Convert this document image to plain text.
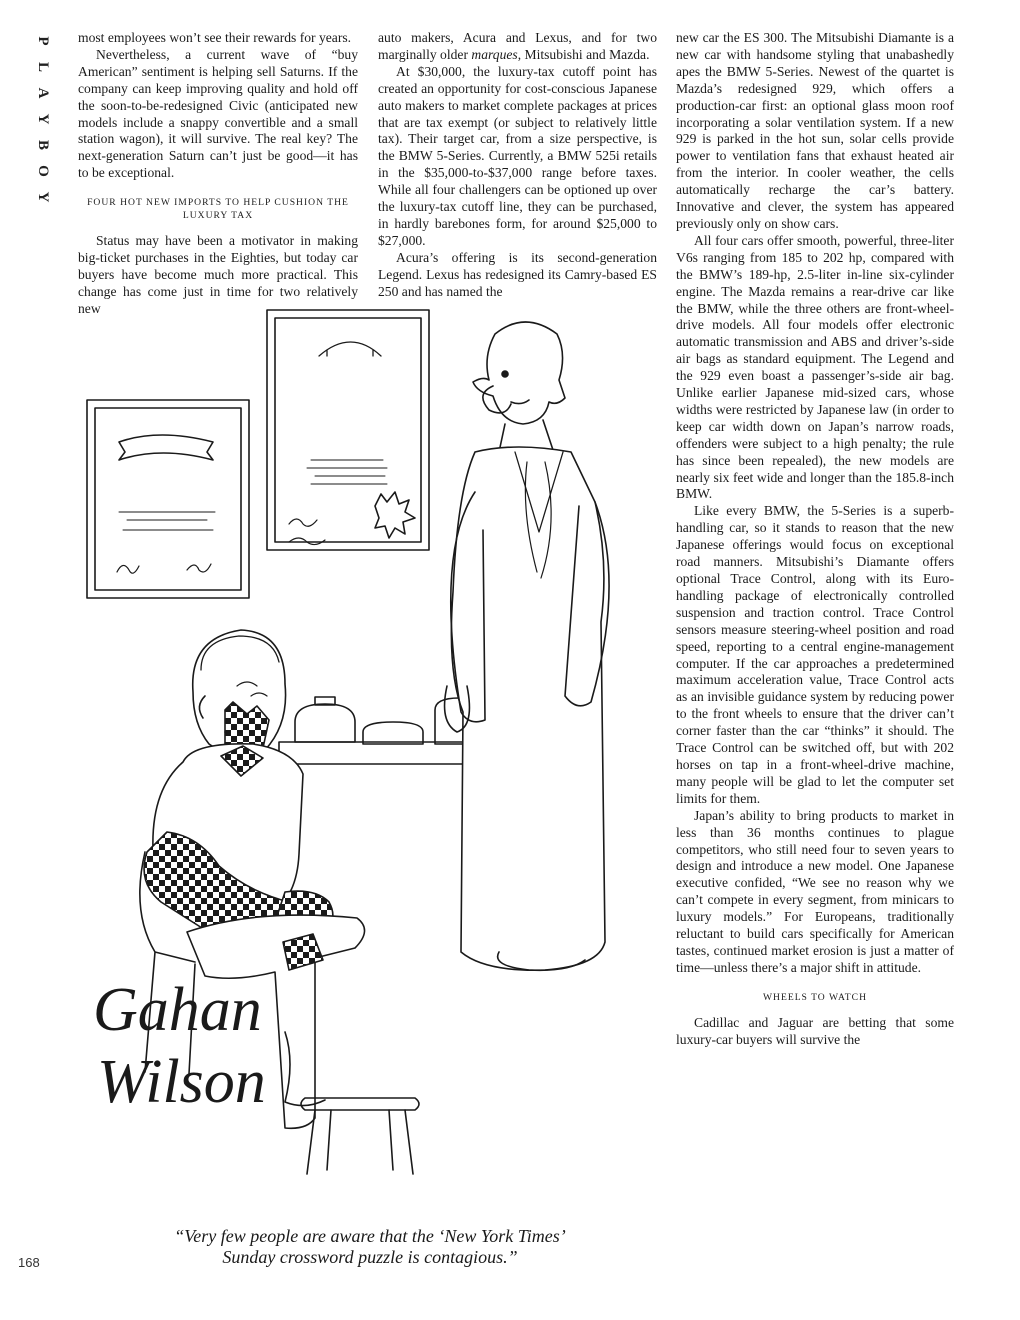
P
L
A
Y
B
O
Y

most employees won’t see their rewards for years.

Nevertheless, a current wave of “buy American” sentiment is helping sell Saturns. If the company can keep improving quality and hold off the soon-to-be-redesigned Civic (anticipated new models include a snappy convertible and a small station wagon), it will survive. The real key? The next-generation Saturn can’t just be good—it has to be exceptional.

FOUR HOT NEW IMPORTS TO HELP CUSHION THE LUXURY TAX

Status may have been a motivator in making big-ticket purchases in the Eighties, but today car buyers have become much more practical. This change has come just in time for two relatively new

auto makers, Acura and Lexus, and for two marginally older marques, Mitsubishi and Mazda.

At $30,000, the luxury-tax cutoff point has created an opportunity for cost-conscious Japanese auto makers to market complete packages at prices that are tax exempt (or subject to relatively little tax). Their target car, from a size perspective, is the BMW 5-Series. Currently, a BMW 525i retails in the $35,000-to-$37,000 range before taxes. While all four challengers can be optioned up over the luxury-tax cutoff line, they can be purchased, in hardly barebones form, for around $25,000 to $27,000.

Acura’s offering is its second-generation Legend. Lexus has redesigned its Camry-based ES 250 and has named the

new car the ES 300. The Mitsubishi Diamante is a new car with handsome styling that unabashedly apes the BMW 5-Series. Newest of the quartet is Mazda’s redesigned 929, which offers a production-car first: an optional glass moon roof incorporating a solar ventilation system. If a new 929 is parked in the hot sun, solar cells provide power to ventilation fans that exhaust heated air from the interior. In cooler weather, the cells automatically recharge the car’s battery. Innovative and clever, the system has appeared previously only on show cars.

All four cars offer smooth, powerful, three-liter V6s ranging from 185 to 202 hp, compared with the BMW’s 189-hp, 2.5-liter in-line six-cylinder engine. The Mazda remains a rear-drive car like the BMW, while the three others are front-wheel-drive models. All four models offer electronic automatic transmission and ABS and driver’s-side air bags as standard equipment. The Legend and the 929 even boast a passenger’s-side air bag. Unlike earlier Japanese mid-sized cars, whose widths were restricted by Japanese law (in order to keep car width down on Japan’s narrow roads, offenders were subject to a high penalty; the rule has since been repealed), the new models are nearly six feet wide and longer than the 185.8-inch BMW.

Like every BMW, the 5-Series is a superb-handling car, so it stands to reason that the new Japanese offerings would focus on exceptional road manners. Mitsubishi’s Diamante offers optional Trace Control, along with its Euro-handling package of electronically controlled suspension and traction control. Trace Control sensors measure steering-wheel position and road speed, reporting to a central engine-management computer. If the car approaches a predetermined maximum acceleration value, Trace Control acts as an invisible guidance system by reducing power to the front wheels to ensure that the driver can’t corner faster than the car “thinks” it should. The Trace Control can be switched off, but with 202 horses on tap in a front-wheel-drive machine, many people will be glad to let the computer set limits for them.

Japan’s ability to bring products to market in less than 36 months continues to plague competitors, who still need four to seven years to design and introduce a new model. One Japanese executive confided, “We see no reason why we can’t compete in every segment, from minicars to luxury models.” For Europeans, traditionally reluctant to build cars specifically for American tastes, continued market erosion is just a matter of time—unless there’s a major shift in attitude.

WHEELS TO WATCH

Cadillac and Jaguar are betting that some luxury-car buyers will survive the

Gahan
Wilson
“Very few people are aware that the ‘New York Times’
Sunday crossword puzzle is contagious.”
168
